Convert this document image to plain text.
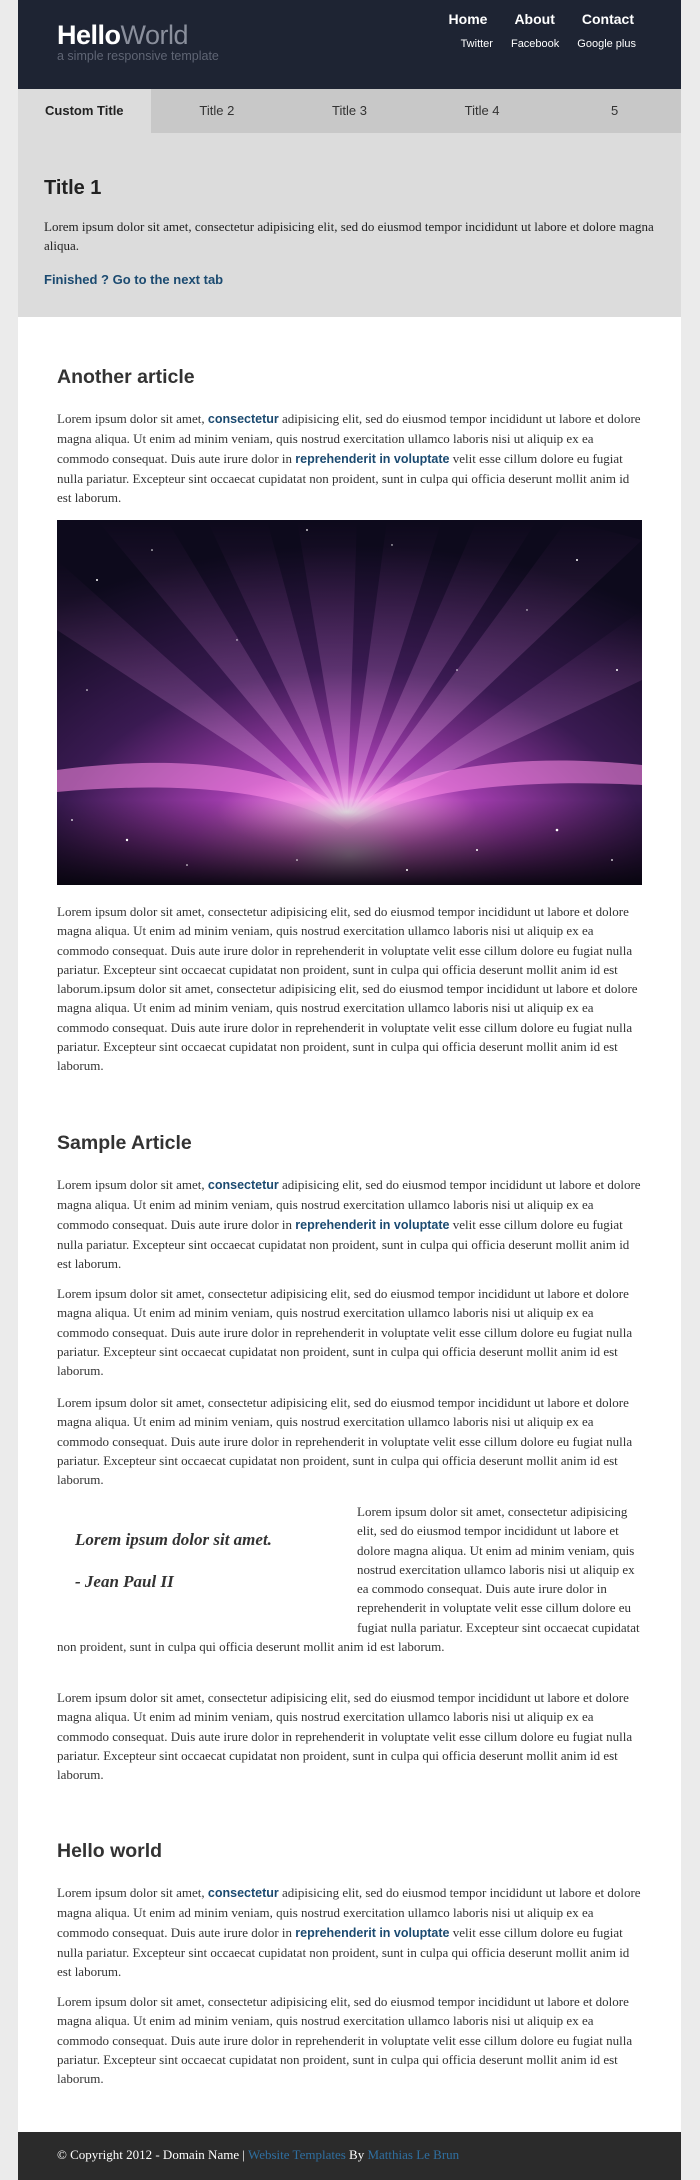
HelloWorld
a simple responsive template
Home About Contact
Twitter Facebook Google plus
Custom Title	Title 2	Title 3	Title 4	5
Title 1

Lorem ipsum dolor sit amet, consectetur adipisicing elit, sed do eiusmod tempor incididunt ut labore et dolore magna aliqua.

Finished ? Go to the next tab
Another article

Lorem ipsum dolor sit amet, consectetur adipisicing elit, sed do eiusmod tempor incididunt ut labore et dolore magna aliqua. Ut enim ad minim veniam, quis nostrud exercitation ullamco laboris nisi ut aliquip ex ea commodo consequat. Duis aute irure dolor in reprehenderit in voluptate velit esse cillum dolore eu fugiat nulla pariatur. Excepteur sint occaecat cupidatat non proident, sunt in culpa qui officia deserunt mollit anim id est laborum.

Lorem ipsum dolor sit amet, consectetur adipisicing elit, sed do eiusmod tempor incididunt ut labore et dolore magna aliqua. Ut enim ad minim veniam, quis nostrud exercitation ullamco laboris nisi ut aliquip ex ea commodo consequat. Duis aute irure dolor in reprehenderit in voluptate velit esse cillum dolore eu fugiat nulla pariatur. Excepteur sint occaecat cupidatat non proident, sunt in culpa qui officia deserunt mollit anim id est laborum.ipsum dolor sit amet, consectetur adipisicing elit, sed do eiusmod tempor incididunt ut labore et dolore magna aliqua. Ut enim ad minim veniam, quis nostrud exercitation ullamco laboris nisi ut aliquip ex ea commodo consequat. Duis aute irure dolor in reprehenderit in voluptate velit esse cillum dolore eu fugiat nulla pariatur. Excepteur sint occaecat cupidatat non proident, sunt in culpa qui officia deserunt mollit anim id est laborum.

Sample Article

Lorem ipsum dolor sit amet, consectetur adipisicing elit, sed do eiusmod tempor incididunt ut labore et dolore magna aliqua. Ut enim ad minim veniam, quis nostrud exercitation ullamco laboris nisi ut aliquip ex ea commodo consequat. Duis aute irure dolor in reprehenderit in voluptate velit esse cillum dolore eu fugiat nulla pariatur. Excepteur sint occaecat cupidatat non proident, sunt in culpa qui officia deserunt mollit anim id est laborum.

Lorem ipsum dolor sit amet, consectetur adipisicing elit, sed do eiusmod tempor incididunt ut labore et dolore magna aliqua. Ut enim ad minim veniam, quis nostrud exercitation ullamco laboris nisi ut aliquip ex ea commodo consequat. Duis aute irure dolor in reprehenderit in voluptate velit esse cillum dolore eu fugiat nulla pariatur. Excepteur sint occaecat cupidatat non proident, sunt in culpa qui officia deserunt mollit anim id est laborum.

Lorem ipsum dolor sit amet, consectetur adipisicing elit, sed do eiusmod tempor incididunt ut labore et dolore magna aliqua. Ut enim ad minim veniam, quis nostrud exercitation ullamco laboris nisi ut aliquip ex ea commodo consequat. Duis aute irure dolor in reprehenderit in voluptate velit esse cillum dolore eu fugiat nulla pariatur. Excepteur sint occaecat cupidatat non proident, sunt in culpa qui officia deserunt mollit anim id est laborum.

Lorem ipsum dolor sit amet.
- Jean Paul II

Lorem ipsum dolor sit amet, consectetur adipisicing elit, sed do eiusmod tempor incididunt ut labore et dolore magna aliqua. Ut enim ad minim veniam, quis nostrud exercitation ullamco laboris nisi ut aliquip ex ea commodo consequat. Duis aute irure dolor in reprehenderit in voluptate velit esse cillum dolore eu fugiat nulla pariatur. Excepteur sint occaecat cupidatat non proident, sunt in culpa qui officia deserunt mollit anim id est laborum.

Lorem ipsum dolor sit amet, consectetur adipisicing elit, sed do eiusmod tempor incididunt ut labore et dolore magna aliqua. Ut enim ad minim veniam, quis nostrud exercitation ullamco laboris nisi ut aliquip ex ea commodo consequat. Duis aute irure dolor in reprehenderit in voluptate velit esse cillum dolore eu fugiat nulla pariatur. Excepteur sint occaecat cupidatat non proident, sunt in culpa qui officia deserunt mollit anim id est laborum.

Hello world

Lorem ipsum dolor sit amet, consectetur adipisicing elit, sed do eiusmod tempor incididunt ut labore et dolore magna aliqua. Ut enim ad minim veniam, quis nostrud exercitation ullamco laboris nisi ut aliquip ex ea commodo consequat. Duis aute irure dolor in reprehenderit in voluptate velit esse cillum dolore eu fugiat nulla pariatur. Excepteur sint occaecat cupidatat non proident, sunt in culpa qui officia deserunt mollit anim id est laborum.

Lorem ipsum dolor sit amet, consectetur adipisicing elit, sed do eiusmod tempor incididunt ut labore et dolore magna aliqua. Ut enim ad minim veniam, quis nostrud exercitation ullamco laboris nisi ut aliquip ex ea commodo consequat. Duis aute irure dolor in reprehenderit in voluptate velit esse cillum dolore eu fugiat nulla pariatur. Excepteur sint occaecat cupidatat non proident, sunt in culpa qui officia deserunt mollit anim id est laborum.

© Copyright 2012 - Domain Name | Website Templates By Matthias Le Brun
